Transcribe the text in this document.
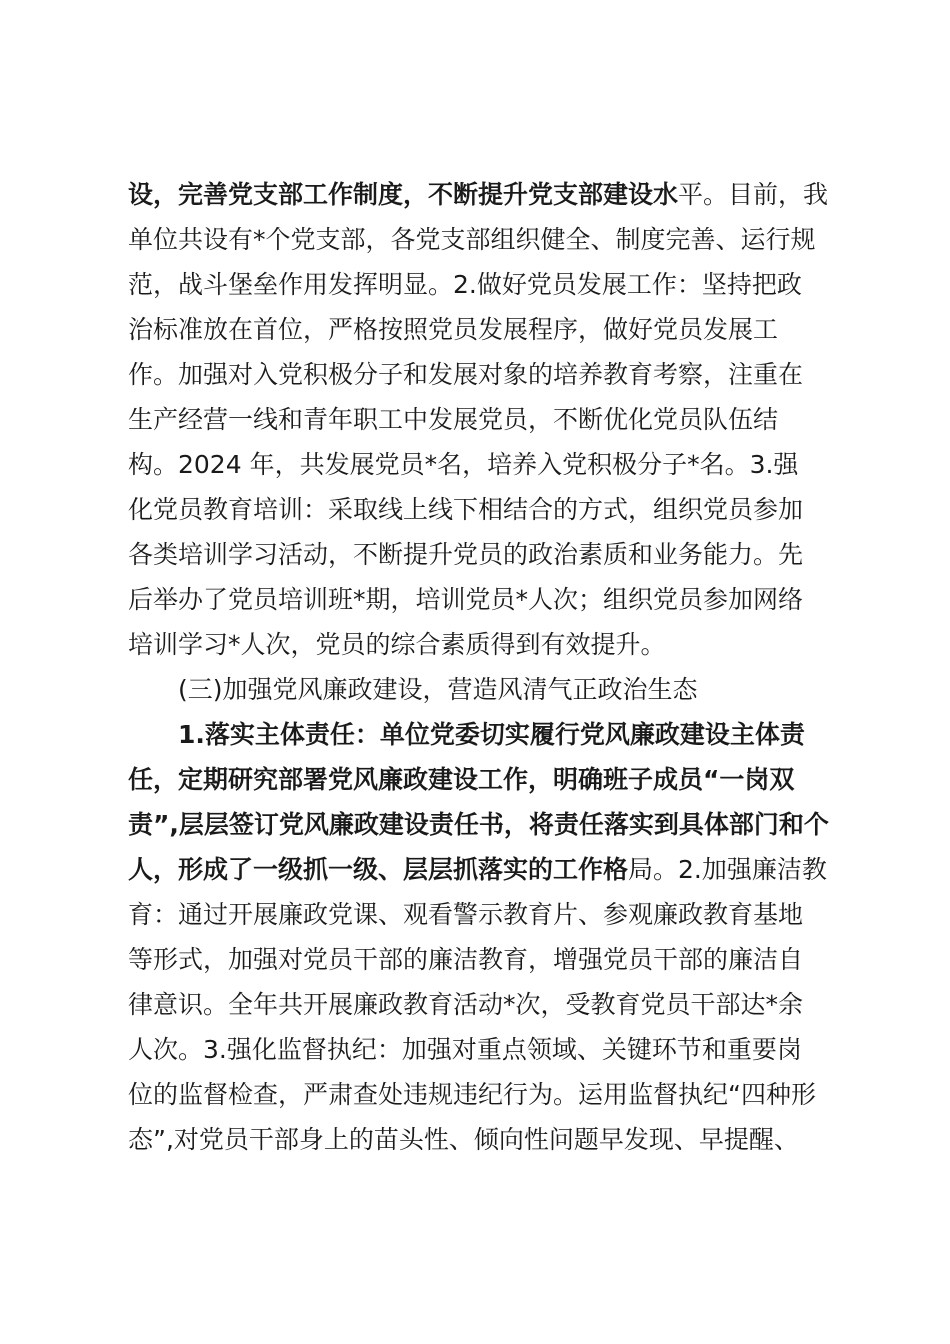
设，完善党支部工作制度，不断提升党支部建设水平。目前，我
单位共设有*个党支部，各党支部组织健全、制度完善、运行规
范，战斗堡垒作用发挥明显。2.做好党员发展工作：坚持把政
治标准放在首位，严格按照党员发展程序，做好党员发展工
作。加强对入党积极分子和发展对象的培养教育考察，注重在
生产经营一线和青年职工中发展党员，不断优化党员队伍结
构。2024 年，共发展党员*名，培养入党积极分子*名。3.强
化党员教育培训：采取线上线下相结合的方式，组织党员参加
各类培训学习活动，不断提升党员的政治素质和业务能力。先
后举办了党员培训班*期，培训党员*人次；组织党员参加网络
培训学习*人次，党员的综合素质得到有效提升。
(三)加强党风廉政建设，营造风清气正政治生态
1.落实主体责任：单位党委切实履行党风廉政建设主体责
任，定期研究部署党风廉政建设工作，明确班子成员“一岗双
责”,层层签订党风廉政建设责任书，将责任落实到具体部门和个
人，形成了一级抓一级、层层抓落实的工作格局。2.加强廉洁教
育：通过开展廉政党课、观看警示教育片、参观廉政教育基地
等形式，加强对党员干部的廉洁教育，增强党员干部的廉洁自
律意识。全年共开展廉政教育活动*次，受教育党员干部达*余
人次。3.强化监督执纪：加强对重点领域、关键环节和重要岗
位的监督检查，严肃查处违规违纪行为。运用监督执纪“四种形
态”,对党员干部身上的苗头性、倾向性问题早发现、早提醒、
